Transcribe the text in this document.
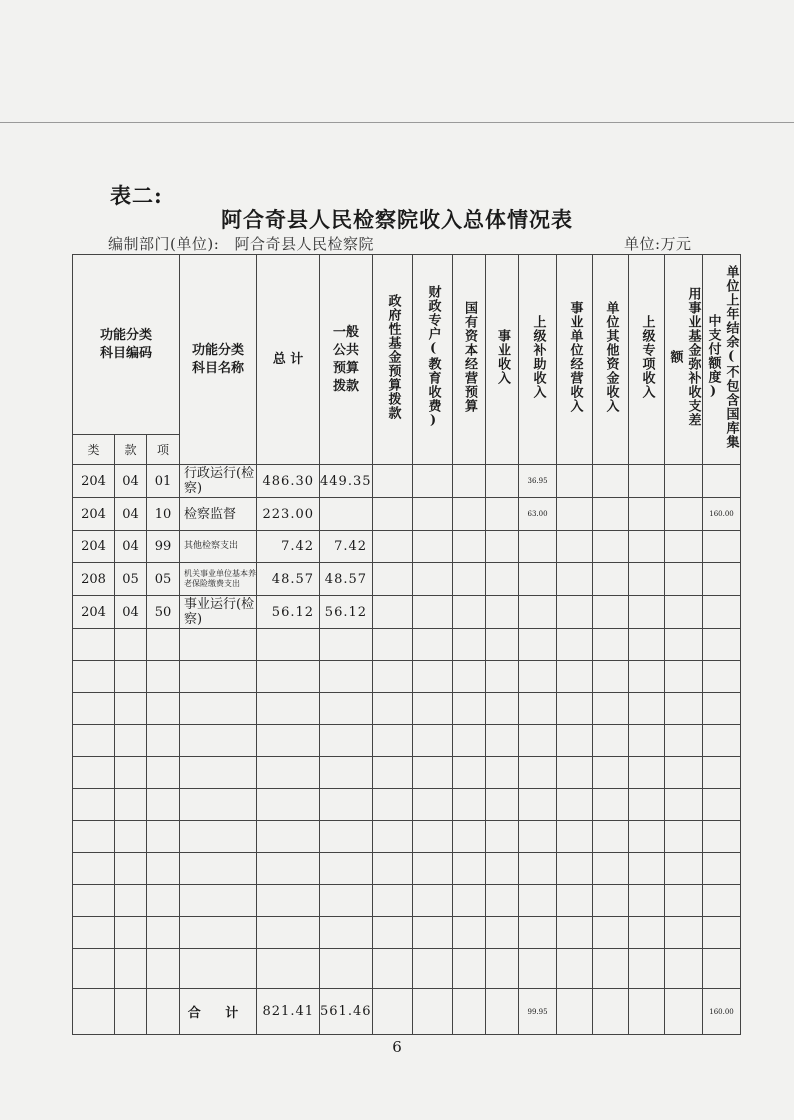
表二:
阿合奇县人民检察院收入总体情况表
编制部门(单位): 阿合奇县人民检察院	单位:万元
功能分类科目编码			功能分类科目名称	总 计	一般公共预算拨款	政府性基金预算拨款	财政专户(教育收费)	国有资本经营预算	事业收入	上级补助收入	事业单位经营收入	单位其他资金收入	上级专项收入	用事业基金弥补收支差额	单位上年结余(不包含国库集中支付额度)
类	款	项													
204	04	01	行政运行(检察)	486.30	449.35					36.95					
204	04	10	检察监督	223.00						63.00					160.00
204	04	99	其他检察支出	7.42	7.42										
208	05	05	机关事业单位基本养老保险缴费支出	48.57	48.57										
204	04	50	事业运行(检察)	56.12	56.12										

			合 计	821.41	561.46					99.95					160.00
6
